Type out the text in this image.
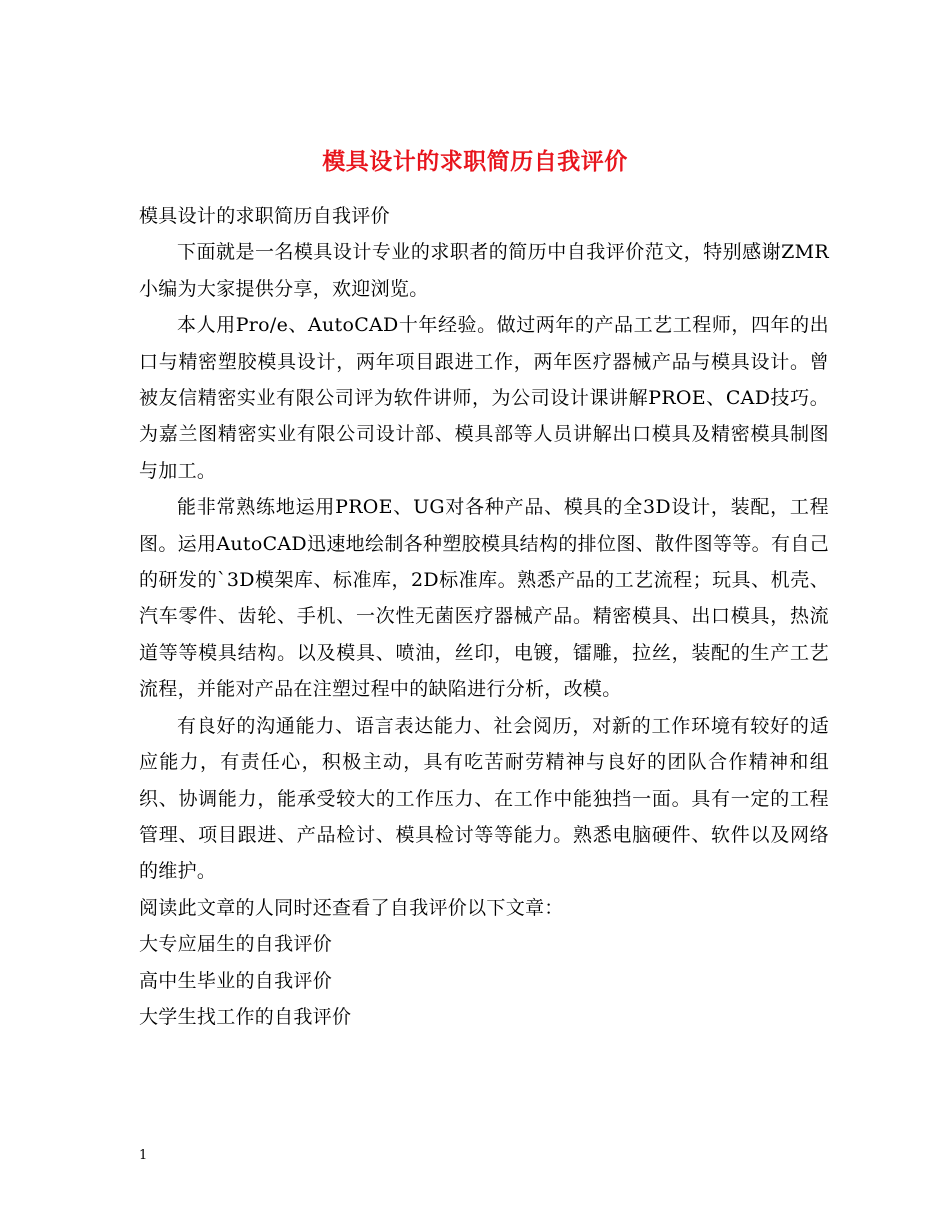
模具设计的求职简历自我评价

模具设计的求职简历自我评价

下面就是一名模具设计专业的求职者的简历中自我评价范文，特别感谢ZMR小编为大家提供分享，欢迎浏览。

本人用Pro/e、AutoCAD十年经验。做过两年的产品工艺工程师，四年的出口与精密塑胶模具设计，两年项目跟进工作，两年医疗器械产品与模具设计。曾被友信精密实业有限公司评为软件讲师，为公司设计课讲解PROE、CAD技巧。为嘉兰图精密实业有限公司设计部、模具部等人员讲解出口模具及精密模具制图与加工。

能非常熟练地运用PROE、UG对各种产品、模具的全3D设计，装配，工程图。运用AutoCAD迅速地绘制各种塑胶模具结构的排位图、散件图等等。有自己的研发的`3D模架库、标准库，2D标准库。熟悉产品的工艺流程；玩具、机壳、汽车零件、齿轮、手机、一次性无菌医疗器械产品。精密模具、出口模具，热流道等等模具结构。以及模具、喷油，丝印，电镀，镭雕，拉丝，装配的生产工艺流程，并能对产品在注塑过程中的缺陷进行分析，改模。

有良好的沟通能力、语言表达能力、社会阅历，对新的工作环境有较好的适应能力，有责任心，积极主动，具有吃苦耐劳精神与良好的团队合作精神和组织、协调能力，能承受较大的工作压力、在工作中能独挡一面。具有一定的工程管理、项目跟进、产品检讨、模具检讨等等能力。熟悉电脑硬件、软件以及网络的维护。

阅读此文章的人同时还查看了自我评价以下文章：

大专应届生的自我评价

高中生毕业的自我评价

大学生找工作的自我评价

1
